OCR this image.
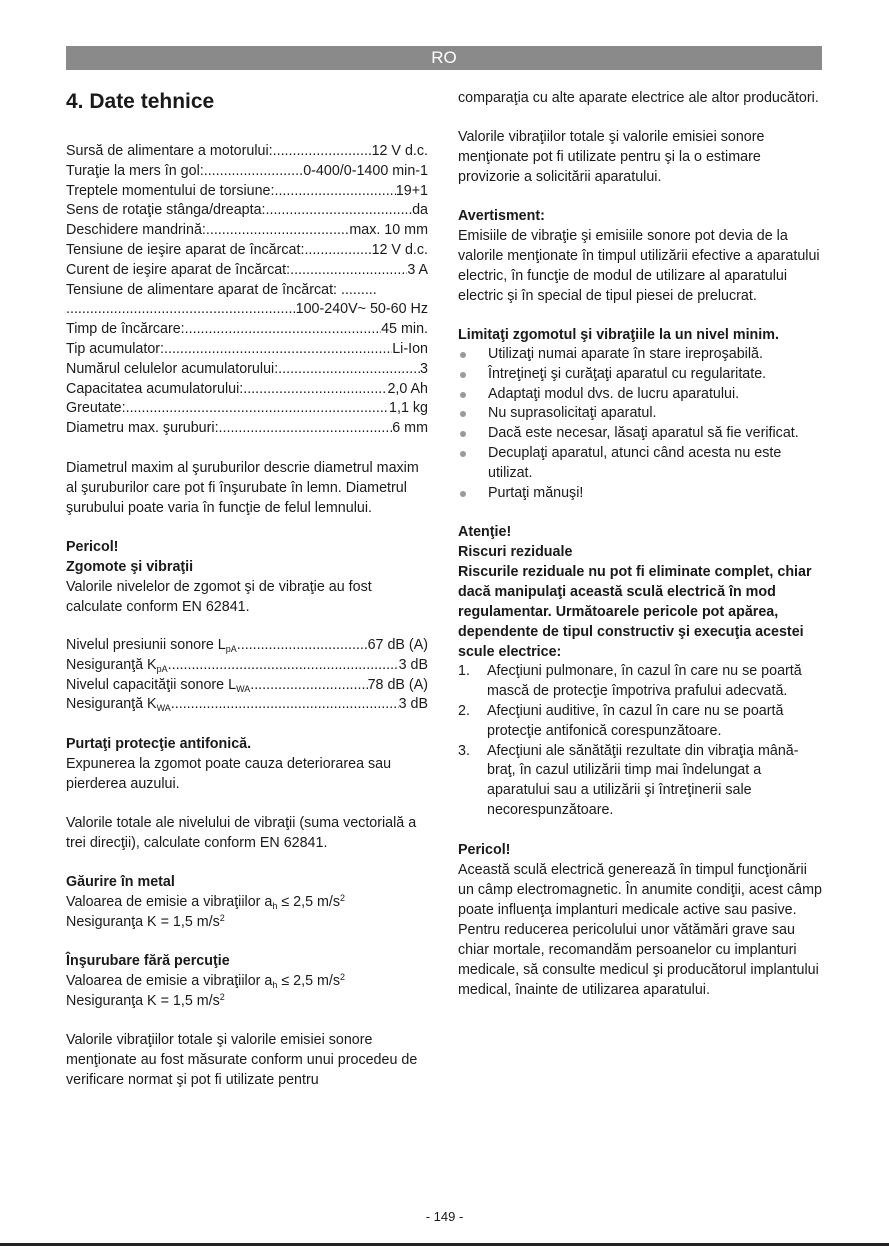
RO
4. Date tehnice
Sursă de alimentare a motorului: .....	12 V d.c.
Turaţie la mers în gol: .....	0-400/0-1400 min-1
Treptele momentului de torsiune: .....	19+1
Sens de rotaţie stânga/dreapta: .....	da
Deschidere mandrină: .....	max. 10 mm
Tensiune de ieşire aparat de încărcat: .....	12 V d.c.
Curent de ieşire aparat de încărcat: .....	3 A
Tensiune de alimentare aparat de încărcat: .........
.....
100-240V~ 50-60 Hz
Timp de încărcare: .....	45 min.
Tip acumulator: .....	Li-Ion
Numărul celulelor acumulatorului: .....	3
Capacitatea acumulatorului: .....	2,0 Ah
Greutate: .....	1,1 kg
Diametru max. şuruburi: .....	6 mm

Diametrul maxim al şuruburilor descrie diametrul maxim al şuruburilor care pot fi înşurubate în lemn. Diametrul şurubului poate varia în funcţie de felul lemnului.

Pericol!

Zgomote şi vibraţii

Valorile nivelelor de zgomot şi de vibraţie au fost calculate conform EN 62841.

Nivelul presiunii sonore $L_{pA}$ .....	67 dB (A)
Nesiguranţă $K_{pA}$ .....	3 dB
Nivelul capacităţii sonore $L_{WA}$ .....	78 dB (A)
Nesiguranţă $K_{WA}$ .....	3 dB

Purtaţi protecţie antifonică.

Expunerea la zgomot poate cauza deteriorarea sau pierderea auzului.

Valorile totale ale nivelului de vibraţii (suma vectorială a trei direcţii), calculate conform EN 62841.

Găurire în metal

Valoarea de emisie a vibraţiilor $a_h \le 2,5$ $m/s^2$

Nesiguranţa K = 1,5 $m/s^2$

Înşurubare fără percuţie

Valoarea de emisie a vibraţiilor $a_h \le 2,5$ $m/s^2$

Nesiguranţa K = 1,5 $m/s^2$

Valorile vibraţiilor totale şi valorile emisiei sonore menţionate au fost măsurate conform unui procedeu de verificare normat şi pot fi utilizate pentru

comparaţia cu alte aparate electrice ale altor producători.

Valorile vibraţiilor totale şi valorile emisiei sonore menţionate pot fi utilizate pentru şi la o estimare provizorie a solicitării aparatului.

Avertisment:

Emisiile de vibraţie şi emisiile sonore pot devia de la valorile menţionate în timpul utilizării efective a aparatului electric, în funcţie de modul de utilizare al aparatului electric şi în special de tipul piesei de prelucrat.

Limitaţi zgomotul şi vibraţiile la un nivel minim.

Utilizaţi numai aparate în stare ireproşabilă.
Întreţineţi şi curăţaţi aparatul cu regularitate.
Adaptaţi modul dvs. de lucru aparatului.
Nu suprasolicitaţi aparatul.
Dacă este necesar, lăsaţi aparatul să fie verificat.
Decuplaţi aparatul, atunci când acesta nu este utilizat.
Purtaţi mănuşi!

Atenţie!

Riscuri reziduale

Riscurile reziduale nu pot fi eliminate complet, chiar dacă manipulaţi această sculă electrică în mod regulamentar. Următoarele pericole pot apărea, dependente de tipul constructiv şi execuţia acestei scule electrice:

1. Afecţiuni pulmonare, în cazul în care nu se poartă mască de protecţie împotriva prafului adecvată.
2. Afecţiuni auditive, în cazul în care nu se poartă protecţie antifonică corespunzătoare.
3. Afecţiuni ale sănătăţii rezultate din vibraţia mână-braţ, în cazul utilizării timp mai îndelungat a aparatului sau a utilizării şi întreţinerii sale necorespunzătoare.

Pericol!

Această sculă electrică generează în timpul funcţionării un câmp electromagnetic. În anumite condiţii, acest câmp poate influenţa implanturi medicale active sau pasive. Pentru reducerea pericolului unor vătămări grave sau chiar mortale, recomandăm persoanelor cu implanturi medicale, să consulte medicul şi producătorul implantului medical, înainte de utilizarea aparatului.

- 149 -
